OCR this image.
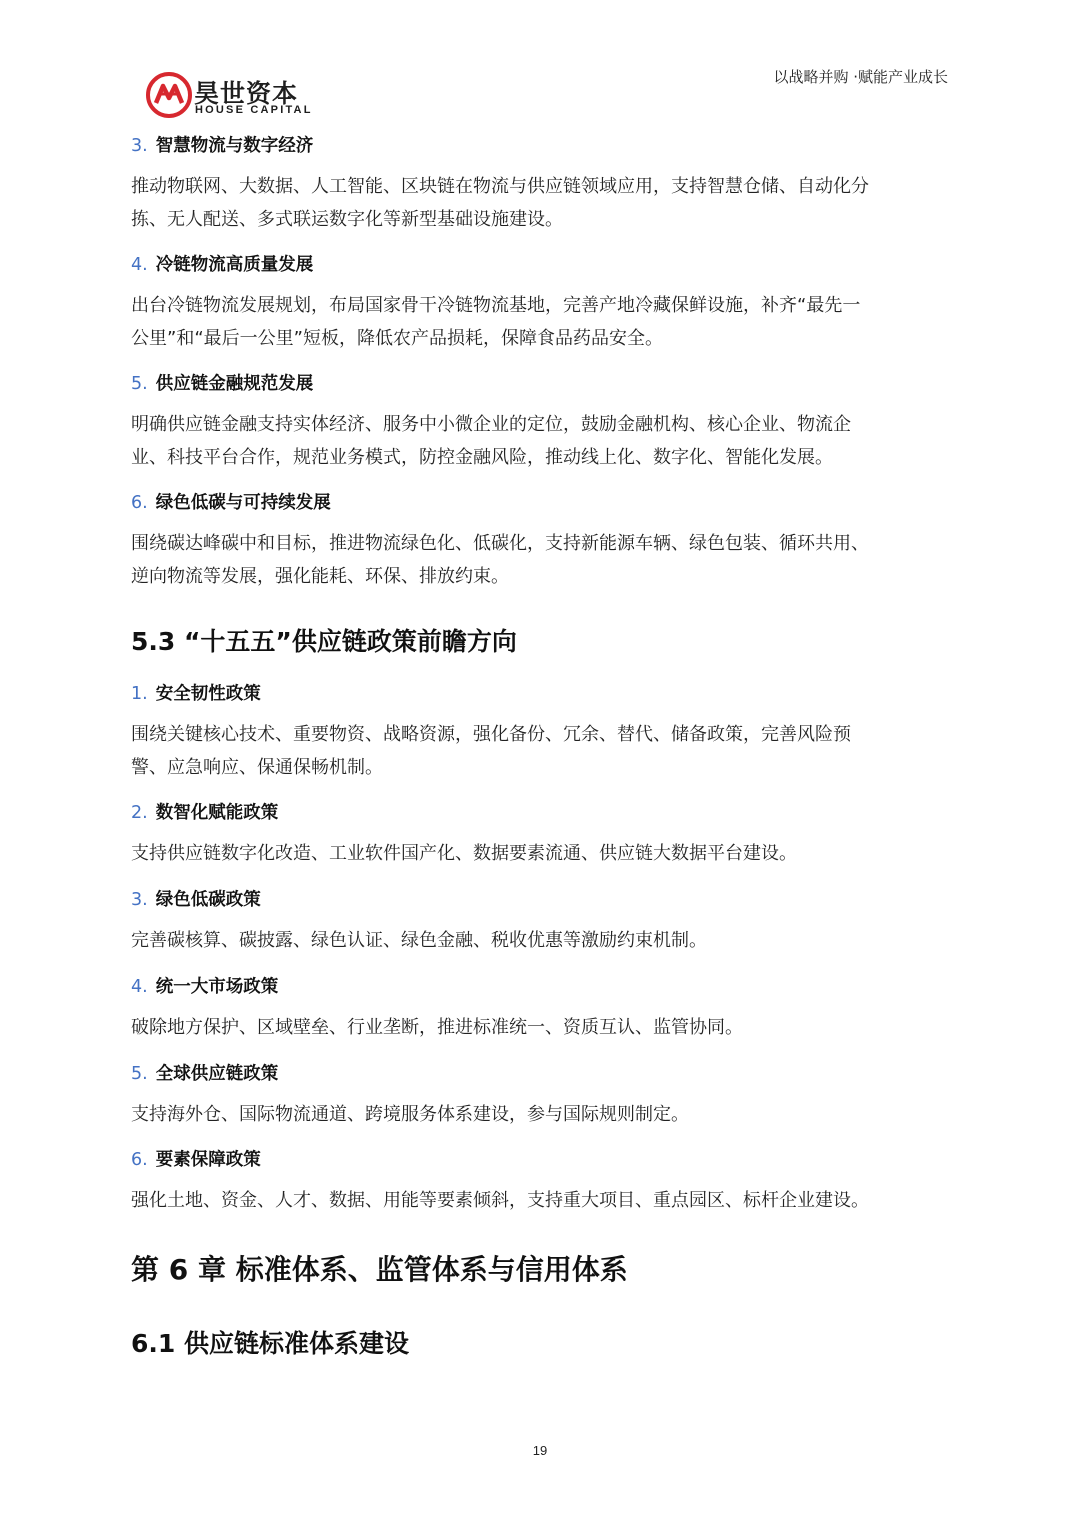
昊世资本
HOUSE CAPITAL
以战略并购 ·赋能产业成长

3. 智慧物流与数字经济

推动物联网、大数据、人工智能、区块链在物流与供应链领域应用，支持智慧仓储、自动化分

拣、无人配送、多式联运数字化等新型基础设施建设。

4. 冷链物流高质量发展

出台冷链物流发展规划，布局国家骨干冷链物流基地，完善产地冷藏保鲜设施，补齐“最先一

公里”和“最后一公里”短板，降低农产品损耗，保障食品药品安全。

5. 供应链金融规范发展

明确供应链金融支持实体经济、服务中小微企业的定位，鼓励金融机构、核心企业、物流企

业、科技平台合作，规范业务模式，防控金融风险，推动线上化、数字化、智能化发展。

6. 绿色低碳与可持续发展

围绕碳达峰碳中和目标，推进物流绿色化、低碳化，支持新能源车辆、绿色包装、循环共用、

逆向物流等发展，强化能耗、环保、排放约束。

5.3 “十五五”供应链政策前瞻方向

1. 安全韧性政策

围绕关键核心技术、重要物资、战略资源，强化备份、冗余、替代、储备政策，完善风险预

警、应急响应、保通保畅机制。

2. 数智化赋能政策

支持供应链数字化改造、工业软件国产化、数据要素流通、供应链大数据平台建设。

3. 绿色低碳政策

完善碳核算、碳披露、绿色认证、绿色金融、税收优惠等激励约束机制。

4. 统一大市场政策

破除地方保护、区域壁垒、行业垄断，推进标准统一、资质互认、监管协同。

5. 全球供应链政策

支持海外仓、国际物流通道、跨境服务体系建设，参与国际规则制定。

6. 要素保障政策

强化土地、资金、人才、数据、用能等要素倾斜，支持重大项目、重点园区、标杆企业建设。

第 6 章 标准体系、监管体系与信用体系

6.1 供应链标准体系建设

19
